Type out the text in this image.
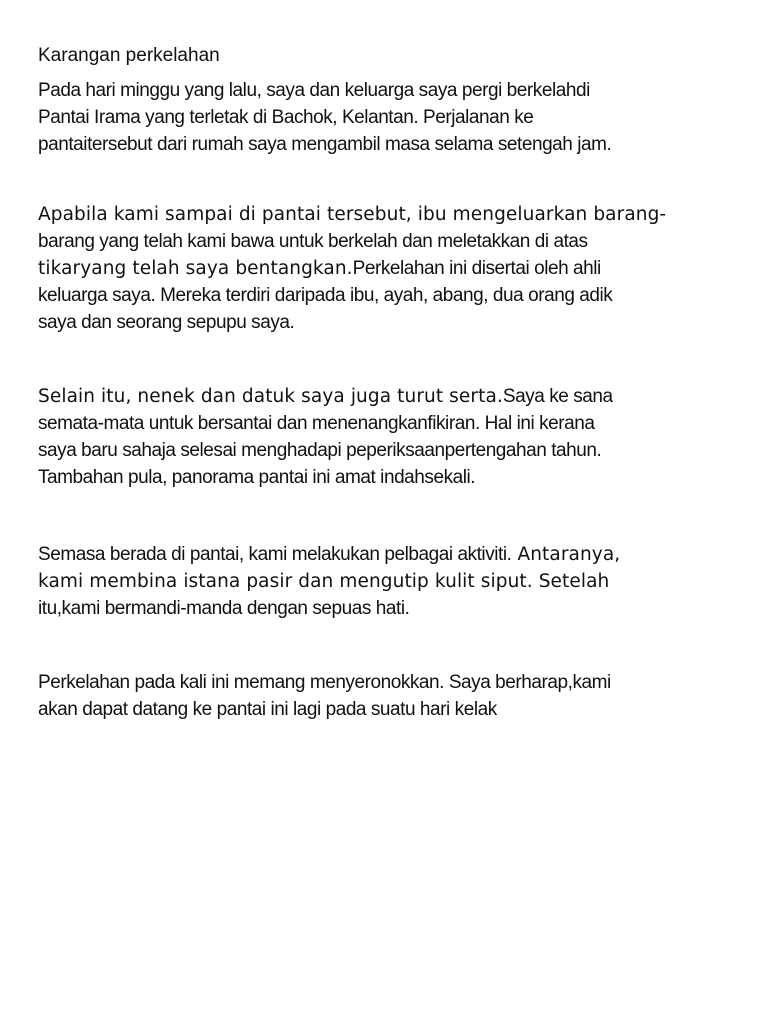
Karangan perkelahan

Pada hari minggu yang lalu, saya dan keluarga saya pergi berkelahdi
Pantai Irama yang terletak di Bachok, Kelantan. Perjalanan ke
pantaitersebut dari rumah saya mengambil masa selama setengah jam.

Apabila kami sampai di pantai tersebut, ibu mengeluarkan barang-
barang yang telah kami bawa untuk berkelah dan meletakkan di atas
tikaryang telah saya bentangkan.Perkelahan ini disertai oleh ahli
keluarga saya. Mereka terdiri daripada ibu, ayah, abang, dua orang adik
saya dan seorang sepupu saya.

Selain itu, nenek dan datuk saya juga turut serta.Saya ke sana
semata-mata untuk bersantai dan menenangkanfikiran. Hal ini kerana
saya baru sahaja selesai menghadapi peperiksaanpertengahan tahun.
Tambahan pula, panorama pantai ini amat indahsekali.

Semasa berada di pantai, kami melakukan pelbagai aktiviti. Antaranya,
kami membina istana pasir dan mengutip kulit siput. Setelah
itu,kami bermandi-manda dengan sepuas hati.

Perkelahan pada kali ini memang menyeronokkan. Saya berharap,kami
akan dapat datang ke pantai ini lagi pada suatu hari kelak
